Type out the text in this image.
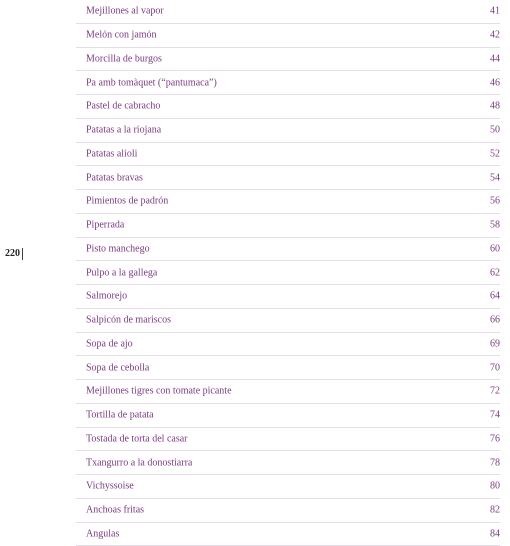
220
Mejillones al vapor	41
Melón con jamón	42
Morcilla de burgos	44
Pa amb tomàquet (“pantumaca”)	46
Pastel de cabracho	48
Patatas a la riojana	50
Patatas alioli	52
Patatas bravas	54
Pimientos de padrón	56
Piperrada	58
Pisto manchego	60
Pulpo a la gallega	62
Salmorejo	64
Salpicón de mariscos	66
Sopa de ajo	69
Sopa de cebolla	70
Mejillones tigres con tomate picante	72
Tortilla de patata	74
Tostada de torta del casar	76
Txangurro a la donostiarra	78
Vichyssoise	80
Anchoas fritas	82
Angulas	84
